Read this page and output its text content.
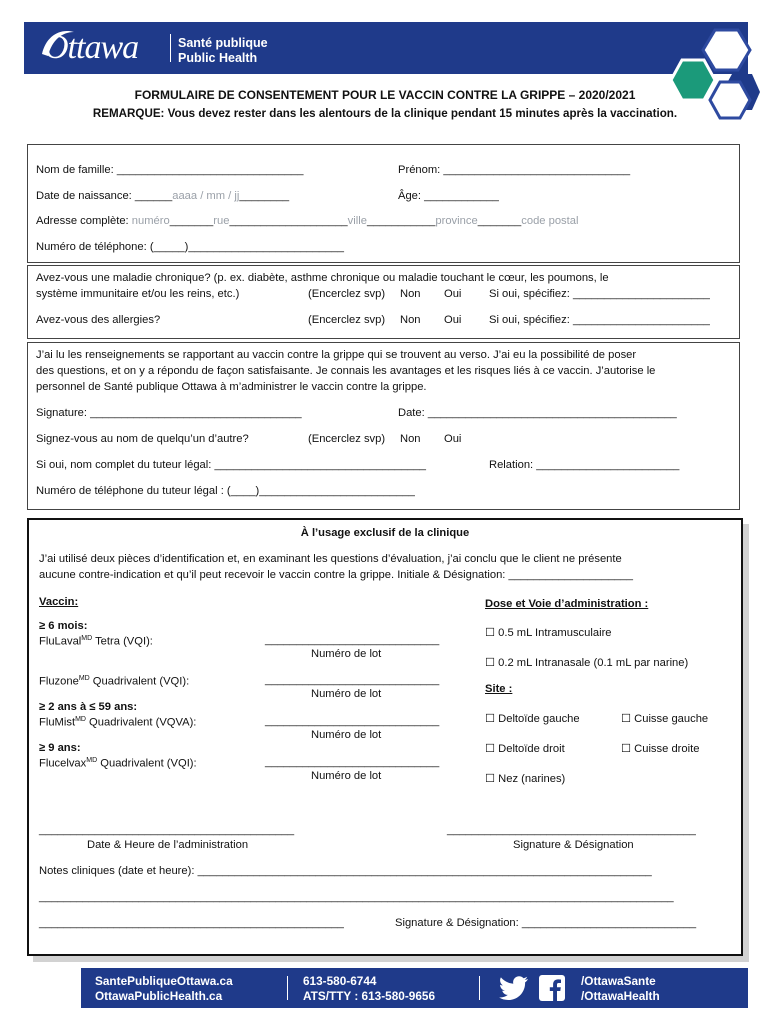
Ottawa	Santé publique
Public Health
FORMULAIRE DE CONSENTEMENT POUR LE VACCIN CONTRE LA GRIPPE – 2020/2021
REMARQUE: Vous devez rester dans les alentours de la clinique pendant 15 minutes après la vaccination.
Nom de famille: ______________________________	Prénom: ______________________________
Date de naissance: ______aaaa / mm / jj________	Âge: ____________
Adresse complète: numéro_______rue___________________ville___________province_______code postal
Numéro de téléphone: (_____)_________________________
Avez-vous une maladie chronique? (p. ex. diabète, asthme chronique ou maladie touchant le cœur, les poumons, le
système immunitaire et/ou les reins, etc.)	(Encerclez svp) Non Oui Si oui, spécifiez: ______________________
Avez-vous des allergies?	(Encerclez svp) Non Oui Si oui, spécifiez: ______________________
J’ai lu les renseignements se rapportant au vaccin contre la grippe qui se trouvent au verso. J’ai eu la possibilité de poser
des questions, et on y a répondu de façon satisfaisante. Je connais les avantages et les risques liés à ce vaccin. J’autorise le
personnel de Santé publique Ottawa à m’administrer le vaccin contre la grippe.
Signature: __________________________________	Date: ________________________________________
Signez-vous au nom de quelqu’un d’autre?	(Encerclez svp) Non Oui
Si oui, nom complet du tuteur légal: __________________________________	Relation: _______________________
Numéro de téléphone du tuteur légal : (____)_________________________
À l’usage exclusif de la clinique
J’ai utilisé deux pièces d’identification et, en examinant les questions d’évaluation, j’ai conclu que le client ne présente
aucune contre-indication et qu’il peut recevoir le vaccin contre la grippe. Initiale & Désignation: ____________________
Vaccin:	Dose et Voie d’administration :
≥ 6 mois:
FluLaval$^{MD}$ Tetra (VQI):	____________________________
Numéro de lot
Fluzone$^{MD}$ Quadrivalent (VQI):	____________________________
Numéro de lot
≥ 2 ans à ≤ 59 ans:
FluMist$^{MD}$ Quadrivalent (VQVA):	____________________________
Numéro de lot
≥ 9 ans:
Flucelvax$^{MD}$ Quadrivalent (VQI):	____________________________
Numéro de lot
☐ 0.5 mL Intramusculaire
☐ 0.2 mL Intranasale (0.1 mL par narine)
Site :
☐ Deltoïde gauche	☐ Cuisse gauche
☐ Deltoïde droit	☐ Cuisse droite
☐ Nez (narines)
_________________________________________
Date & Heure de l’administration
________________________________________
Signature & Désignation
Notes cliniques (date et heure): _________________________________________________________________________
______________________________________________________________________________________________________
_________________________________________________	Signature & Désignation: ____________________________
SantePubliqueOttawa.ca
OttawaPublicHealth.ca
613-580-6744
ATS/TTY : 613-580-9656
/OttawaSante
/OttawaHealth
